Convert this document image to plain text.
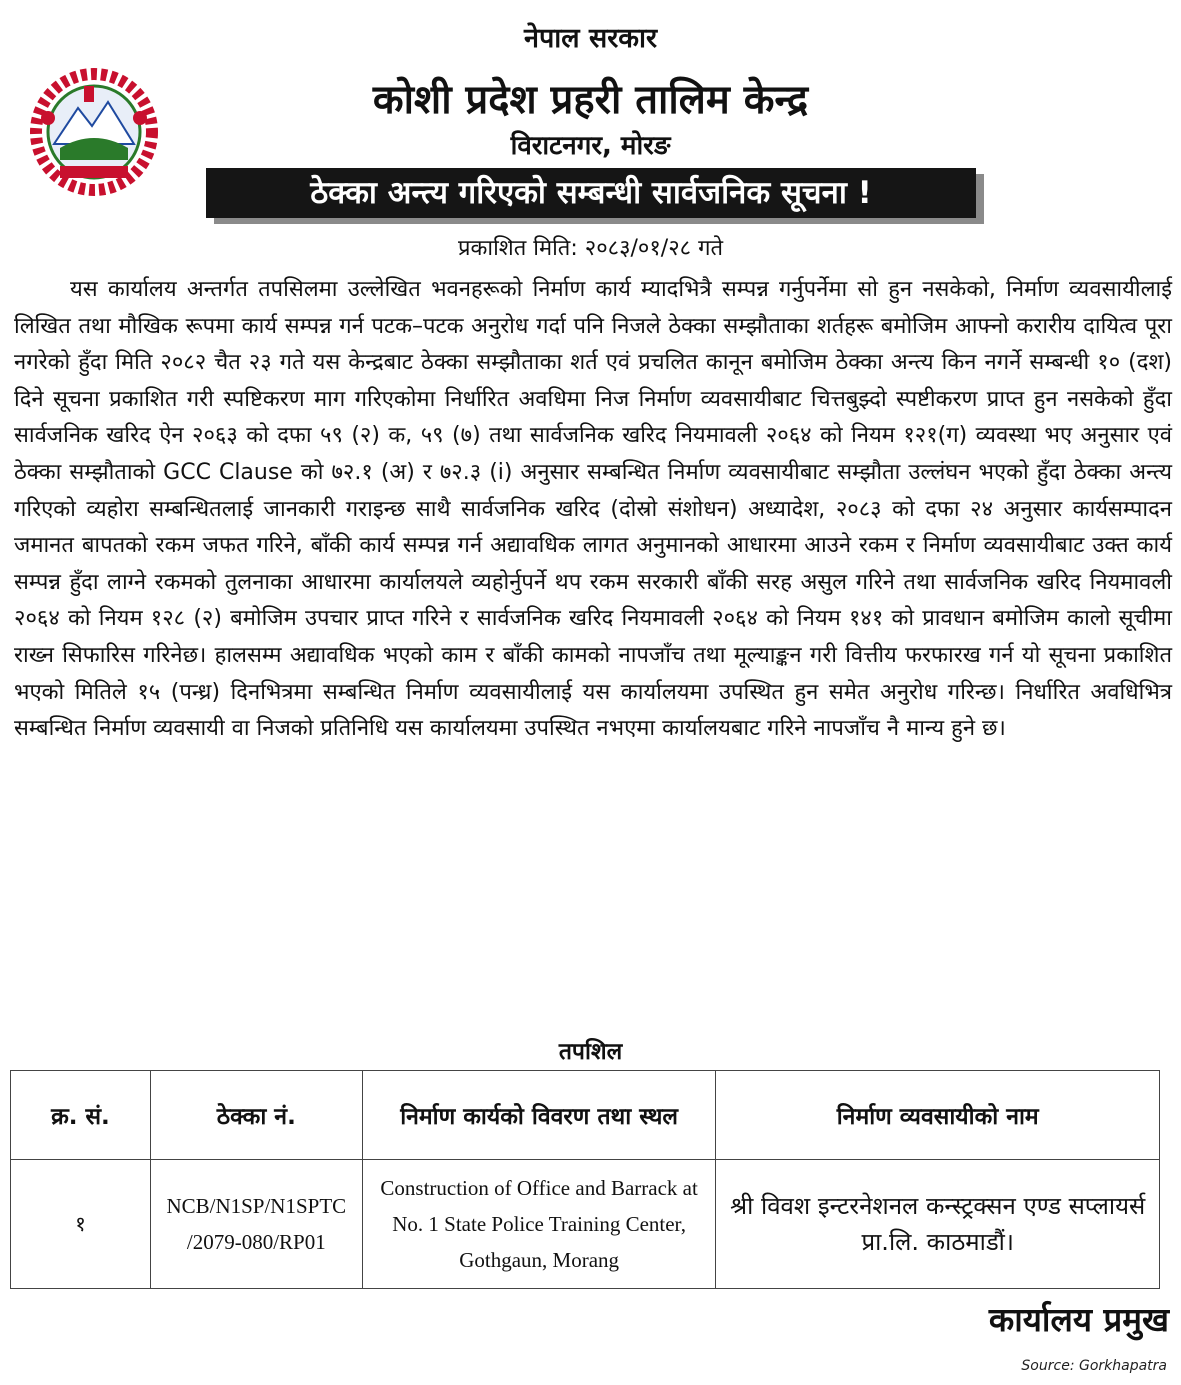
नेपाल सरकार
कोशी प्रदेश प्रहरी तालिम केन्द्र
विराटनगर, मोरङ
ठेक्का अन्त्य गरिएको सम्बन्धी सार्वजनिक सूचना !
प्रकाशित मिति: २०८३/०१/२८ गते

यस कार्यालय अन्तर्गत तपसिलमा उल्लेखित भवनहरूको निर्माण कार्य म्यादभित्रै सम्पन्न गर्नुपर्नेमा सो हुन नसकेको, निर्माण व्यवसायीलाई लिखित तथा मौखिक रूपमा कार्य सम्पन्न गर्न पटक–पटक अनुरोध गर्दा पनि निजले ठेक्का सम्झौताका शर्तहरू बमोजिम आफ्नो करारीय दायित्व पूरा नगरेको हुँदा मिति २०८२ चैत २३ गते यस केन्द्रबाट ठेक्का सम्झौताका शर्त एवं प्रचलित कानून बमोजिम ठेक्का अन्त्य किन नगर्ने सम्बन्धी १० (दश) दिने सूचना प्रकाशित गरी स्पष्टिकरण माग गरिएकोमा निर्धारित अवधिमा निज निर्माण व्यवसायीबाट चित्तबुझ्दो स्पष्टीकरण प्राप्त हुन नसकेको हुँदा सार्वजनिक खरिद ऐन २०६३ को दफा ५९ (२) क, ५९ (७) तथा सार्वजनिक खरिद नियमावली २०६४ को नियम १२१(ग) व्यवस्था भए अनुसार एवं ठेक्का सम्झौताको GCC Clause को ७२.१ (अ) र ७२.३ (i) अनुसार सम्बन्धित निर्माण व्यवसायीबाट सम्झौता उल्लंघन भएको हुँदा ठेक्का अन्त्य गरिएको व्यहोरा सम्बन्धितलाई जानकारी गराइन्छ साथै सार्वजनिक खरिद (दोस्रो संशोधन) अध्यादेश, २०८३ को दफा २४ अनुसार कार्यसम्पादन जमानत बापतको रकम जफत गरिने, बाँकी कार्य सम्पन्न गर्न अद्यावधिक लागत अनुमानको आधारमा आउने रकम र निर्माण व्यवसायीबाट उक्त कार्य सम्पन्न हुँदा लाग्ने रकमको तुलनाका आधारमा कार्यालयले व्यहोर्नुपर्ने थप रकम सरकारी बाँकी सरह असुल गरिने तथा सार्वजनिक खरिद नियमावली २०६४ को नियम १२८ (२) बमोजिम उपचार प्राप्त गरिने र सार्वजनिक खरिद नियमावली २०६४ को नियम १४१ को प्रावधान बमोजिम कालो सूचीमा राख्न सिफारिस गरिनेछ। हालसम्म अद्यावधिक भएको काम र बाँकी कामको नापजाँच तथा मूल्याङ्कन गरी वित्तीय फरफारख गर्न यो सूचना प्रकाशित भएको मितिले १५ (पन्ध्र) दिनभित्रमा सम्बन्धित निर्माण व्यवसायीलाई यस कार्यालयमा उपस्थित हुन समेत अनुरोध गरिन्छ। निर्धारित अवधिभित्र सम्बन्धित निर्माण व्यवसायी वा निजको प्रतिनिधि यस कार्यालयमा उपस्थित नभएमा कार्यालयबाट गरिने नापजाँच नै मान्य हुने छ।

तपशिल
क्र. सं.	ठेक्का नं.	निर्माण कार्यको विवरण तथा स्थल	निर्माण व्यवसायीको नाम
१	NCB/N1SP/N1SPTC /2079-080/RP01	Construction of Office and Barrack at No. 1 State Police Training Center, Gothgaun, Morang	श्री विवश इन्टरनेशनल कन्स्ट्रक्सन एण्ड सप्लायर्स प्रा.लि. काठमाडौं।
कार्यालय प्रमुख
Source: Gorkhapatra
